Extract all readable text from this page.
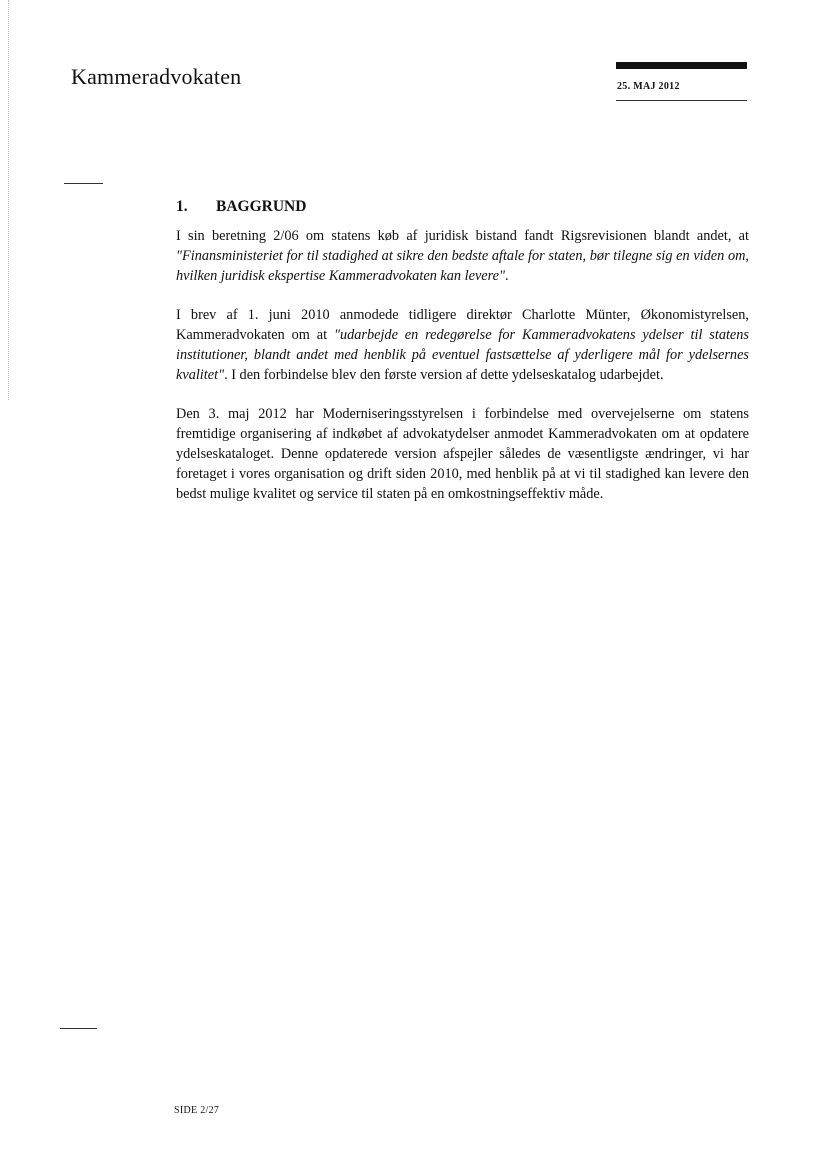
Kammeradvokaten	25. MAJ 2012
1.	BAGGRUND

I sin beretning 2/06 om statens køb af juridisk bistand fandt Rigsrevisionen blandt andet, at "Finansministeriet for til stadighed at sikre den bedste aftale for staten, bør tilegne sig en viden om, hvilken juridisk ekspertise Kammeradvokaten kan levere".

I brev af 1. juni 2010 anmodede tidligere direktør Charlotte Münter, Økonomistyrelsen, Kammeradvokaten om at "udarbejde en redegørelse for Kammeradvokatens ydelser til statens institutioner, blandt andet med henblik på eventuel fastsættelse af yderligere mål for ydelsernes kvalitet". I den forbindelse blev den første version af dette ydelseskatalog udarbejdet.

Den 3. maj 2012 har Moderniseringsstyrelsen i forbindelse med overvejelserne om statens fremtidige organisering af indkøbet af advokatydelser anmodet Kammeradvokaten om at opdatere ydelseskataloget. Denne opdaterede version afspejler således de væsentligste ændringer, vi har foretaget i vores organisation og drift siden 2010, med henblik på at vi til stadighed kan levere den bedst mulige kvalitet og service til staten på en omkostningseffektiv måde.

SIDE 2/27
